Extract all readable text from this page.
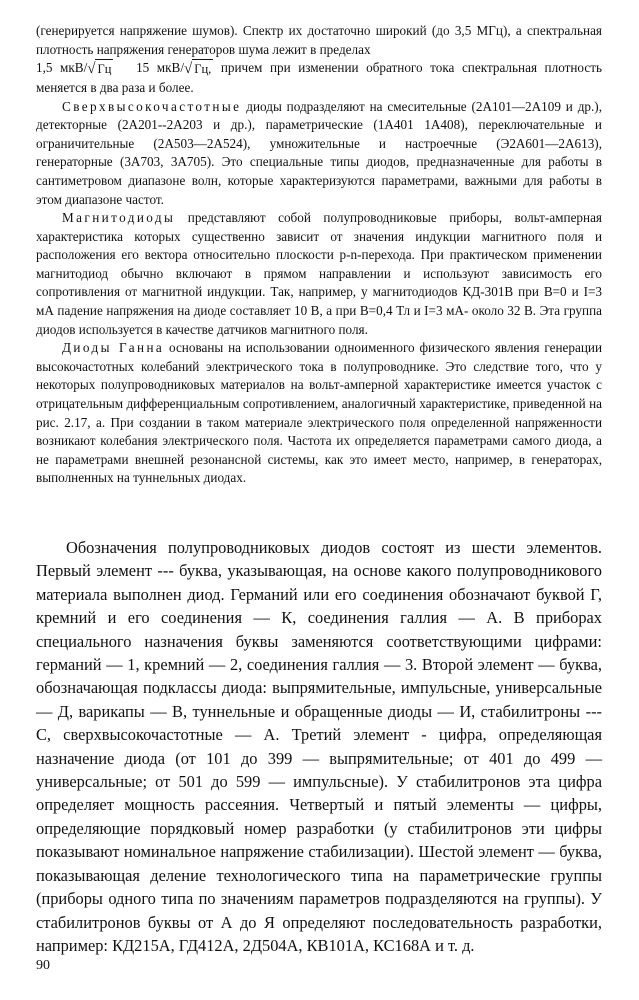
(генерируется напряжение шумов). Спектр их достаточно широкий (до 3,5 МГц), а спектральная плотность напряжения генераторов шума лежит в пределах

1,5 мкВ/√ Гц 15 мкВ/√ Гц, причем при изменении обратного тока спектральная плотность меняется в два раза и более.

Сверхвысокочастотные диоды подразделяют на смесительные (2А101—2А109 и др.), детекторные (2А201--2А203 и др.), параметрические (1А401 1А408), переключательные и ограничительные (2А503—2А524), умножительные и настроечные (Э2А601—2А613), генераторные (3А703, 3А705). Это специальные типы диодов, предназначенные для работы в сантиметровом диапазоне волн, которые характеризуются параметрами, важными для работы в этом диапазоне частот.

Магнитодиоды представляют собой полупроводниковые приборы, вольт-амперная характеристика которых существенно зависит от значения индукции магнитного поля и расположения его вектора относительно плоскости р-n-перехода. При практическом применении магнитодиод обычно включают в прямом направлении и используют зависимость его сопротивления от магнитной индукции. Так, например, у магнитодиодов КД-301В при B=0 и I=3 мА падение напряжения на диоде составляет 10 В, а при B=0,4 Тл и I=3 мА- около 32 В. Эта группа диодов используется в качестве датчиков магнитного поля.

Диоды Ганна основаны на использовании одноименного физического явления генерации высокочастотных колебаний электрического тока в полупроводнике. Это следствие того, что у некоторых полупроводниковых материалов на вольт-амперной характеристике имеется участок с отрицательным дифференциальным сопротивлением, аналогичный характеристике, приведенной на рис. 2.17, а. При создании в таком материале электрического поля определенной напряженности возникают колебания электрического поля. Частота их определяется параметрами самого диода, а не параметрами внешней резонансной системы, как это имеет место, например, в генераторах, выполненных на туннельных диодах.

Обозначения полупроводниковых диодов состоят из шести элементов. Первый элемент --- буква, указывающая, на основе какого полупроводникового материала выполнен диод. Германий или его соединения обозначают буквой Г, кремний и его соединения — К, соединения галлия — А. В приборах специального назначения буквы заменяются соответствующими цифрами: германий — 1, кремний — 2, соединения галлия — 3. Второй элемент — буква, обозначающая подклассы диода: выпрямительные, импульсные, универсальные — Д, варикапы — В, туннельные и обращенные диоды — И, стабилитроны --- С, сверхвысокочастотные — А. Третий элемент - цифра, определяющая назначение диода (от 101 до 399 — выпрямительные; от 401 до 499 — универсальные; от 501 до 599 — импульсные). У стабилитронов эта цифра определяет мощность рассеяния. Четвертый и пятый элементы — цифры, определяющие порядковый номер разработки (у стабилитронов эти цифры показывают номинальное напряжение стабилизации). Шестой элемент — буква, показывающая деление технологического типа на параметрические группы (приборы одного типа по значениям параметров подразделяются на группы). У стабилитронов буквы от А до Я определяют последовательность разработки, например: КД215А, ГД412А, 2Д504А, КВ101А, КС168А и т. д.

90
